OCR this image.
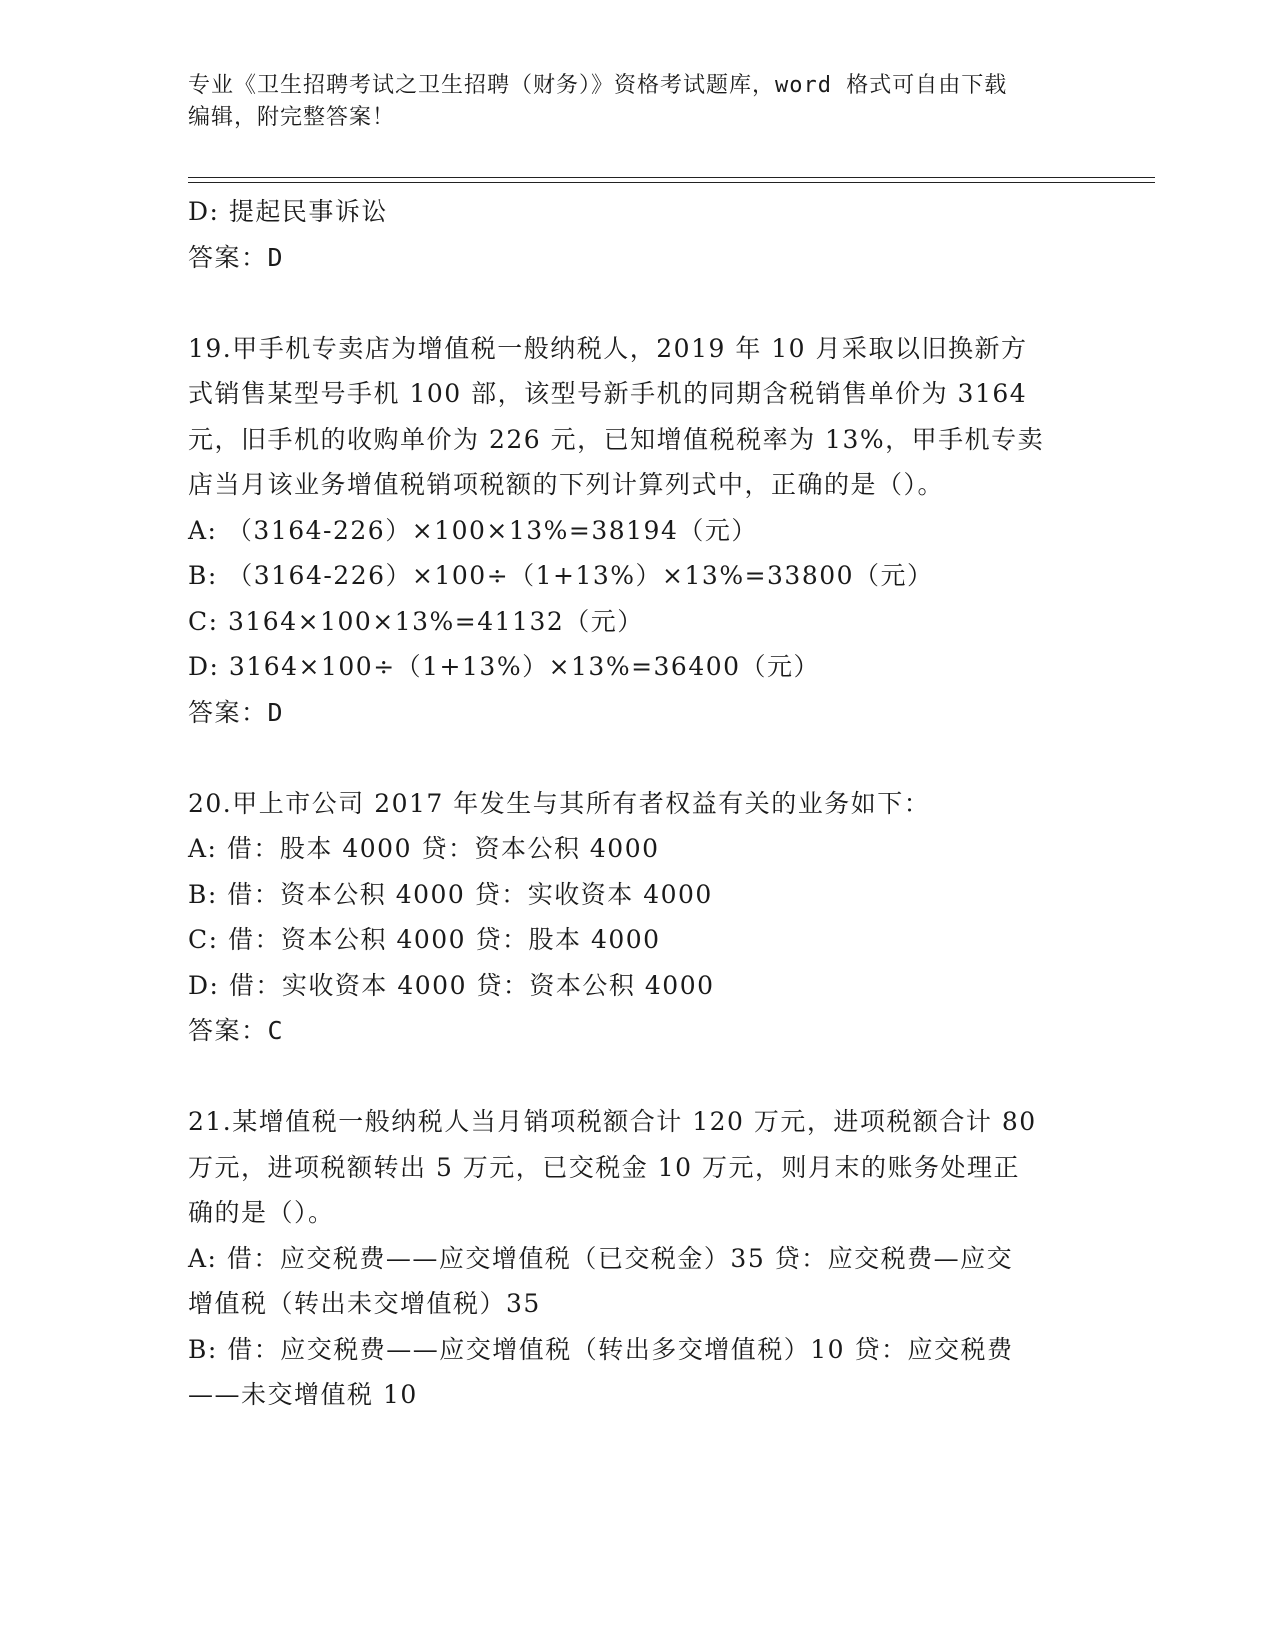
专业《卫生招聘考试之卫生招聘（财务）》资格考试题库，word 格式可自由下载
编辑，附完整答案！
D: 提起民事诉讼
答案：D
19.甲手机专卖店为增值税一般纳税人，2019 年 10 月采取以旧换新方
式销售某型号手机 100 部，该型号新手机的同期含税销售单价为 3164
元，旧手机的收购单价为 226 元，已知增值税税率为 13%，甲手机专卖
店当月该业务增值税销项税额的下列计算列式中，正确的是（）。
A: （3164-226）×100×13%=38194（元）
B: （3164-226）×100÷（1+13%）×13%=33800（元）
C: 3164×100×13%=41132（元）
D: 3164×100÷（1+13%）×13%=36400（元）
答案：D
20.甲上市公司 2017 年发生与其所有者权益有关的业务如下：
A: 借：股本 4000 贷：资本公积 4000
B: 借：资本公积 4000 贷：实收资本 4000
C: 借：资本公积 4000 贷：股本 4000
D: 借：实收资本 4000 贷：资本公积 4000
答案：C
21.某增值税一般纳税人当月销项税额合计 120 万元，进项税额合计 80
万元，进项税额转出 5 万元，已交税金 10 万元，则月末的账务处理正
确的是（）。
A: 借：应交税费——应交增值税（已交税金）35 贷：应交税费—应交
增值税（转出未交增值税）35
B: 借：应交税费——应交增值税（转出多交增值税）10 贷：应交税费
——未交增值税 10
